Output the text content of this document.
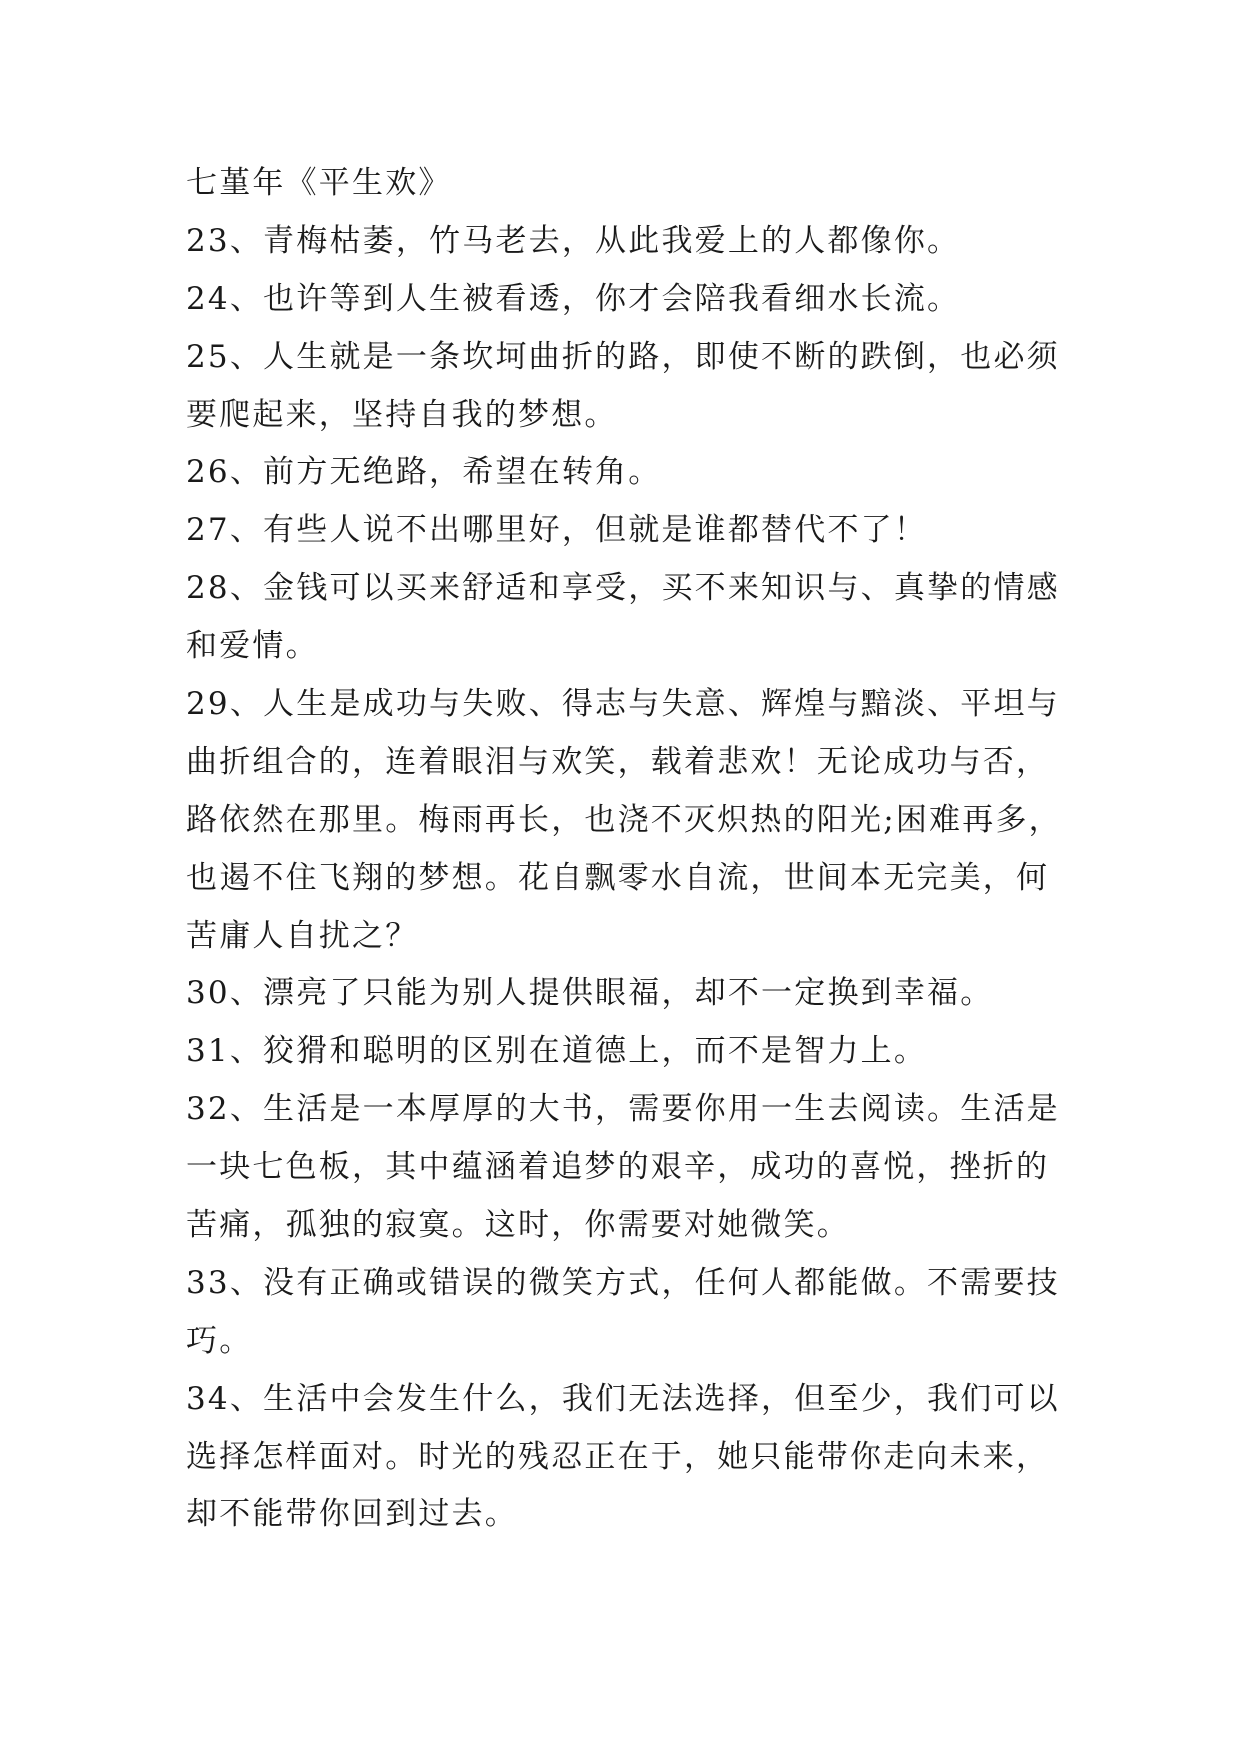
七堇年《平生欢》
23、青梅枯萎，竹马老去，从此我爱上的人都像你。
24、也许等到人生被看透，你才会陪我看细水长流。
25、人生就是一条坎坷曲折的路，即使不断的跌倒，也必须
要爬起来，坚持自我的梦想。
26、前方无绝路，希望在转角。
27、有些人说不出哪里好，但就是谁都替代不了！
28、金钱可以买来舒适和享受，买不来知识与、真挚的情感
和爱情。
29、人生是成功与失败、得志与失意、辉煌与黯淡、平坦与
曲折组合的，连着眼泪与欢笑，载着悲欢！无论成功与否，
路依然在那里。梅雨再长，也浇不灭炽热的阳光;困难再多，
也遏不住飞翔的梦想。花自飘零水自流，世间本无完美，何
苦庸人自扰之？
30、漂亮了只能为别人提供眼福，却不一定换到幸福。
31、狡猾和聪明的区别在道德上，而不是智力上。
32、生活是一本厚厚的大书，需要你用一生去阅读。生活是
一块七色板，其中蕴涵着追梦的艰辛，成功的喜悦，挫折的
苦痛，孤独的寂寞。这时，你需要对她微笑。
33、没有正确或错误的微笑方式，任何人都能做。不需要技
巧。
34、生活中会发生什么，我们无法选择，但至少，我们可以
选择怎样面对。时光的残忍正在于，她只能带你走向未来，
却不能带你回到过去。
